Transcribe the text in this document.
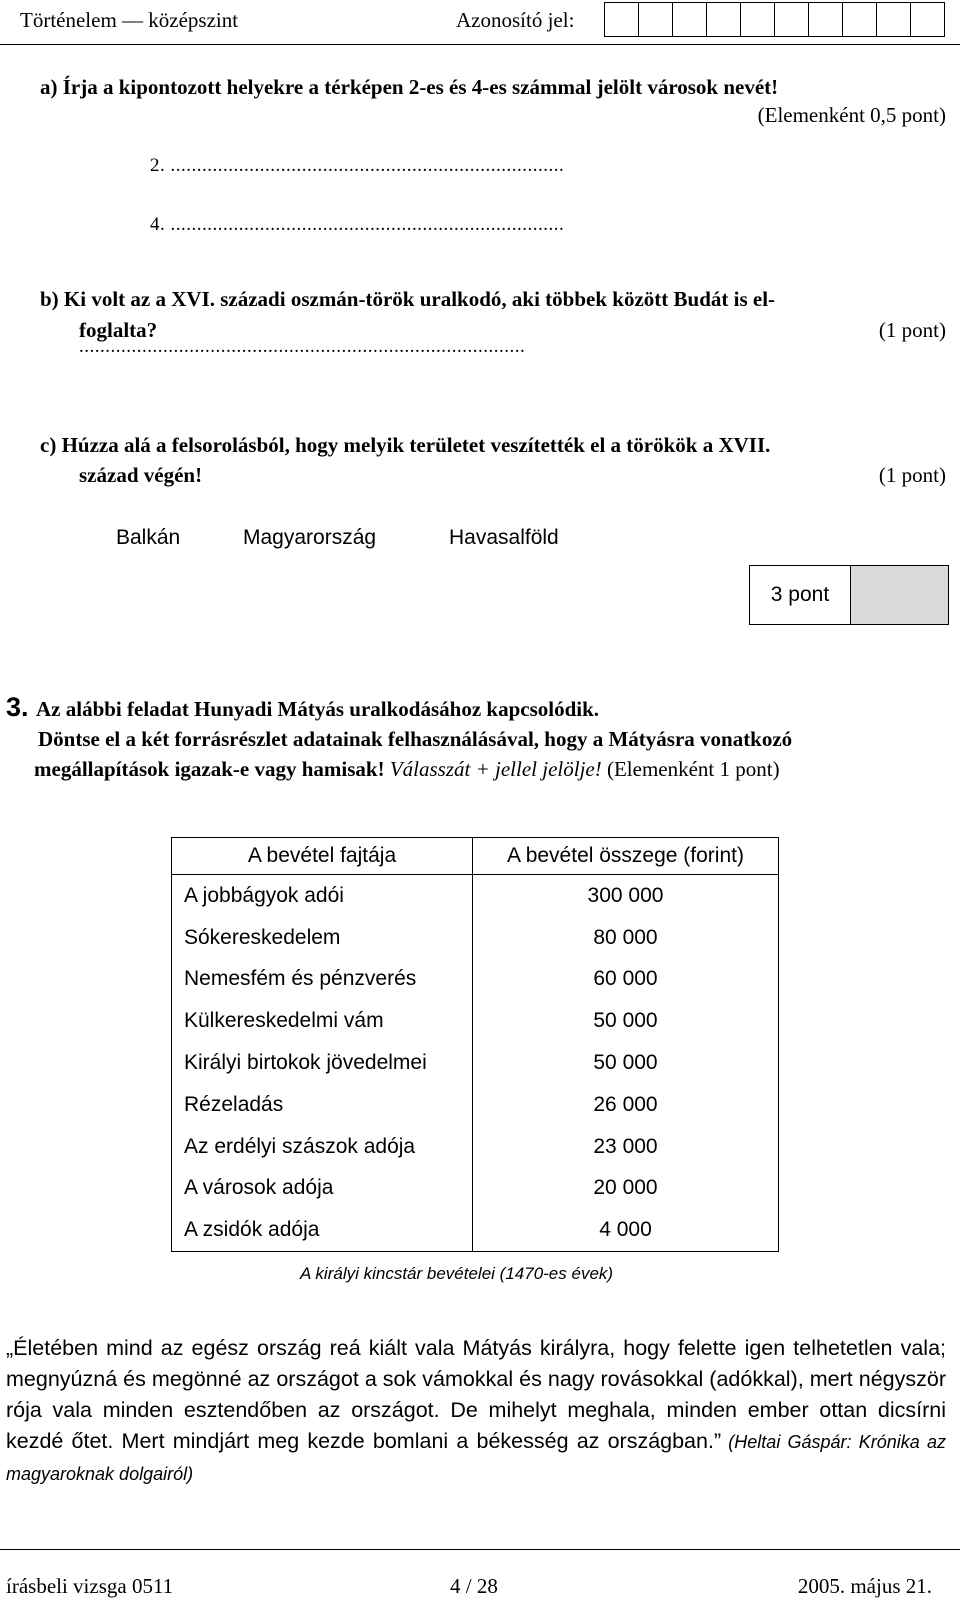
Történelem — középszint	Azonosító jel:
a) Írja a kipontozott helyekre a térképen 2-es és 4-es számmal jelölt városok nevét!
(Elemenként 0,5 pont)
2. ...........................................................................
4. ...........................................................................
b) Ki volt az a XVI. századi oszmán-török uralkodó, aki többek között Budát is el-
foglalta?	(1 pont)
.....................................................................................
c) Húzza alá a felsorolásból, hogy melyik területet veszítették el a törökök a XVII.
század végén!	(1 pont)
Balkán	Magyarország	Havasalföld
3 pont
3. Az alábbi feladat Hunyadi Mátyás uralkodásához kapcsolódik.
Döntse el a két forrásrészlet adatainak felhasználásával, hogy a Mátyásra vonatkozó
megállapítások igazak-e vagy hamisak! Válasszát + jellel jelölje! (Elemenként 1 pont)
A bevétel fajtája	A bevétel összege (forint)
A jobbágyok adói	300 000
Sókereskedelem	80 000
Nemesfém és pénzverés	60 000
Külkereskedelmi vám	50 000
Királyi birtokok jövedelmei	50 000
Rézeladás	26 000
Az erdélyi szászok adója	23 000
A városok adója	20 000
A zsidók adója	4 000
A királyi kincstár bevételei (1470-es évek)
„Életében mind az egész ország reá kiált vala Mátyás királyra, hogy felette igen telhetetlen vala; megnyúzná és megönné az országot a sok vámokkal és nagy rovásokkal (adókkal), mert négyször rója vala minden esztendőben az országot. De mihelyt meghala, minden ember ottan dicsírni kezdé őtet. Mert mindjárt meg kezde bomlani a békesség az országban.” (Heltai Gáspár: Krónika az magyaroknak dolgairól)
írásbeli vizsga 0511	4 / 28	2005. május 21.
